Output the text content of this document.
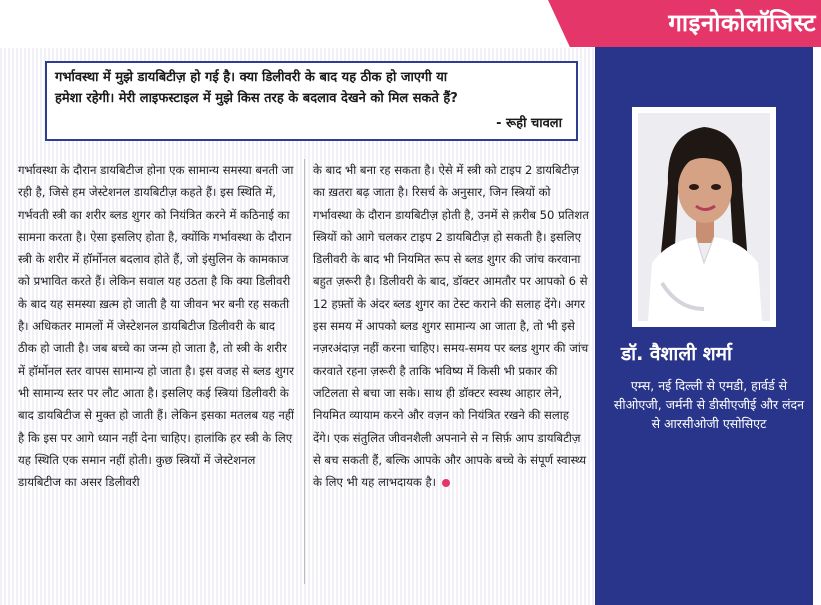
गाइनोकोलॉजिस्ट
गर्भावस्था में मुझे डायबिटीज़ हो गई है। क्या डिलीवरी के बाद यह ठीक हो जाएगी या
हमेशा रहेगी। मेरी लाइफस्टाइल में मुझे किस तरह के बदलाव देखने को मिल सकते हैं?
- रूही चावला
गर्भावस्था के दौरान डायबिटीज होना एक सामान्य समस्या बनती जा रही है, जिसे हम जेस्टेशनल डायबिटीज़ कहते हैं। इस स्थिति में, गर्भवती स्त्री का शरीर ब्लड शुगर को नियंत्रित करने में कठिनाई का सामना करता है। ऐसा इसलिए होता है, क्योंकि गर्भावस्था के दौरान स्त्री के शरीर में हॉर्मोनल बदलाव होते हैं, जो इंसुलिन के कामकाज को प्रभावित करते हैं। लेकिन सवाल यह उठता है कि क्या डिलीवरी के बाद यह समस्या ख़त्म हो जाती है या जीवन भर बनी रह सकती है। अधिकतर मामलों में जेस्टेशनल डायबिटीज डिलीवरी के बाद ठीक हो जाती है। जब बच्चे का जन्म हो जाता है, तो स्त्री के शरीर में हॉर्मोनल स्तर वापस सामान्य हो जाता है। इस वजह से ब्लड शुगर भी सामान्य स्तर पर लौट आता है। इसलिए कई स्त्रियां डिलीवरी के बाद डायबिटीज से मुक्त हो जाती हैं। लेकिन इसका मतलब यह नहीं है कि इस पर आगे ध्यान नहीं देना चाहिए। हालांकि हर स्त्री के लिए यह स्थिति एक समान नहीं होती। कुछ स्त्रियों में जेस्टेशनल डायबिटीज का असर डिलीवरी
के बाद भी बना रह सकता है। ऐसे में स्त्री को टाइप 2 डायबिटीज़ का ख़तरा बढ़ जाता है। रिसर्च के अनुसार, जिन स्त्रियों को गर्भावस्था के दौरान डायबिटीज़ होती है, उनमें से क़रीब 50 प्रतिशत स्त्रियों को आगे चलकर टाइप 2 डायबिटीज़ हो सकती है। इसलिए डिलीवरी के बाद भी नियमित रूप से ब्लड शुगर की जांच करवाना बहुत ज़रूरी है। डिलीवरी के बाद, डॉक्टर आमतौर पर आपको 6 से 12 हफ़्तों के अंदर ब्लड शुगर का टेस्ट कराने की सलाह देंगे। अगर इस समय में आपको ब्लड शुगर सामान्य आ जाता है, तो भी इसे नज़रअंदाज़ नहीं करना चाहिए। समय-समय पर ब्लड शुगर की जांच करवाते रहना ज़रूरी है ताकि भविष्य में किसी भी प्रकार की जटिलता से बचा जा सके। साथ ही डॉक्टर स्वस्थ आहार लेने, नियमित व्यायाम करने और वज़न को नियंत्रित रखने की सलाह देंगे। एक संतुलित जीवनशैली अपनाने से न सिर्फ़ आप डायबिटीज़ से बच सकती हैं, बल्कि आपके और आपके बच्चे के संपूर्ण स्वास्थ्य के लिए भी यह लाभदायक है।
डॉ. वैशाली शर्मा
एम्स, नई दिल्ली से एमडी, हार्वर्ड से सीओएजी, जर्मनी से डीसीएजीई और लंदन से आरसीओजी एसोसिएट
